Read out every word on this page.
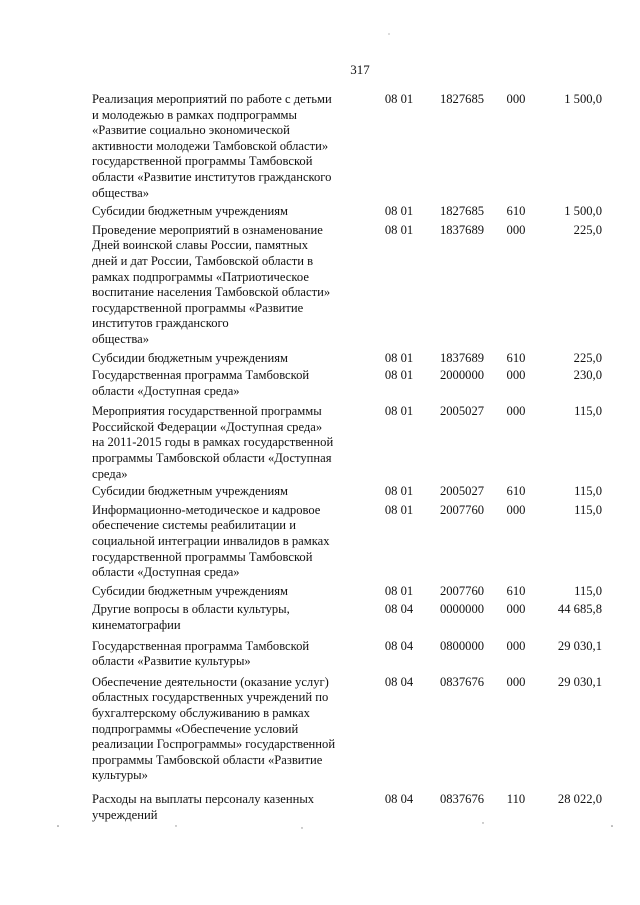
317
Реализация мероприятий по работе с детьми
и молодежью в рамках подпрограммы
«Развитие социально экономической
активности молодежи Тамбовской области»
государственной программы Тамбовской
области «Развитие институтов гражданского
общества»
08 01	1827685	000	1 500,0
Субсидии бюджетным учреждениям	08 01	1827685	610	1 500,0
Проведение мероприятий в ознаменование
Дней воинской славы России, памятных
дней и дат России, Тамбовской области в
рамках подпрограммы «Патриотическое
воспитание населения Тамбовской области»
государственной программы «Развитие
институтов гражданского
общества»
08 01	1837689	000	225,0
Субсидии бюджетным учреждениям	08 01	1837689	610	225,0
Государственная программа Тамбовской
области «Доступная среда»
08 01	2000000	000	230,0
Мероприятия государственной программы
Российской Федерации «Доступная среда»
на 2011-2015 годы в рамках государственной
программы Тамбовской области «Доступная
среда»
08 01	2005027	000	115,0
Субсидии бюджетным учреждениям	08 01	2005027	610	115,0
Информационно-методическое и кадровое
обеспечение системы реабилитации и
социальной интеграции инвалидов в рамках
государственной программы Тамбовской
области «Доступная среда»
08 01	2007760	000	115,0
Субсидии бюджетным учреждениям	08 01	2007760	610	115,0
Другие вопросы в области культуры,
кинематографии
08 04	0000000	000	44 685,8
Государственная программа Тамбовской
области «Развитие культуры»
08 04	0800000	000	29 030,1
Обеспечение деятельности (оказание услуг)
областных государственных учреждений по
бухгалтерскому обслуживанию в рамках
подпрограммы «Обеспечение условий
реализации Госпрограммы» государственной
программы Тамбовской области «Развитие
культуры»
08 04	0837676	000	29 030,1
Расходы на выплаты персоналу казенных
учреждений
08 04	0837676	110	28 022,0
